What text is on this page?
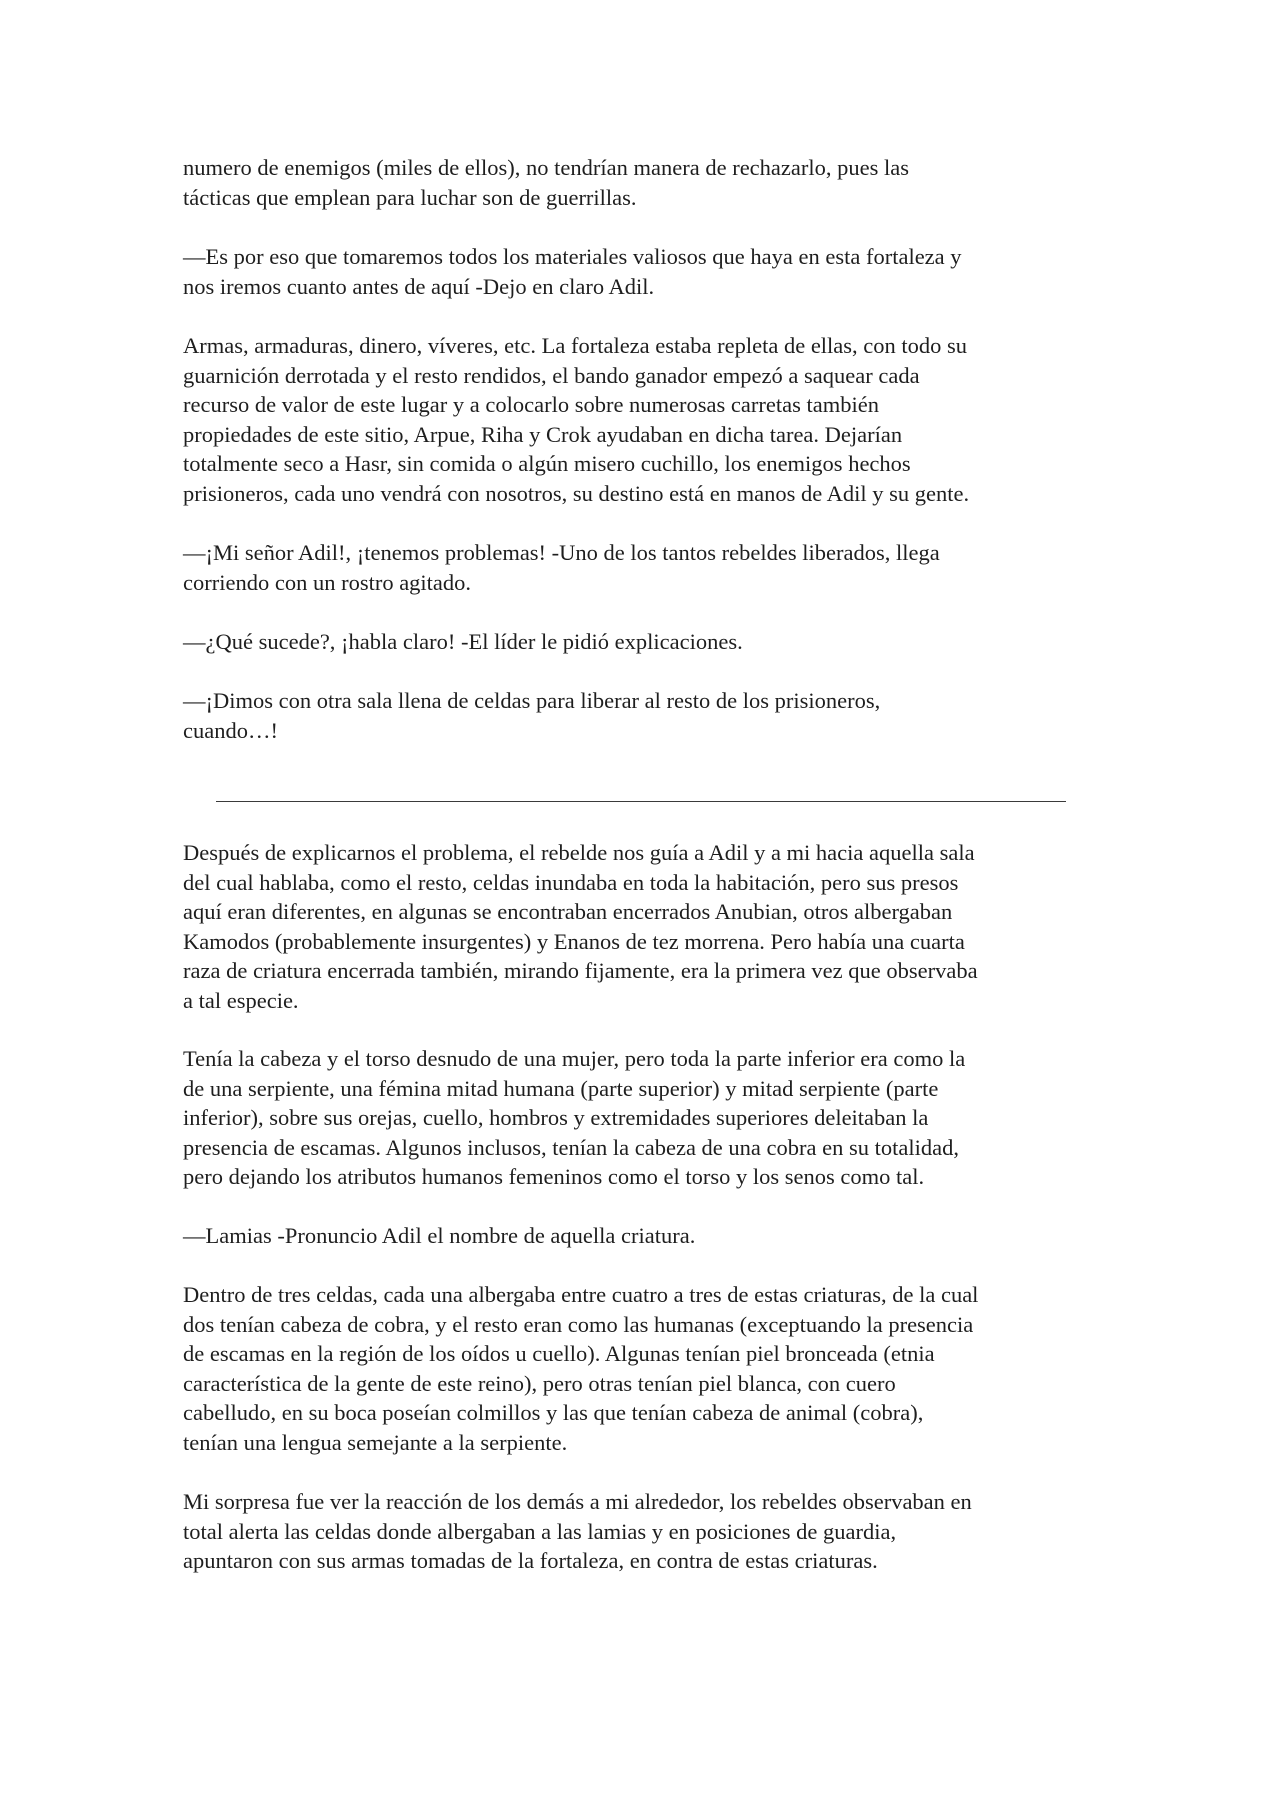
numero de enemigos (miles de ellos), no tendrían manera de rechazarlo, pues las
tácticas que emplean para luchar son de guerrillas.

—Es por eso que tomaremos todos los materiales valiosos que haya en esta fortaleza y
nos iremos cuanto antes de aquí -Dejo en claro Adil.

Armas, armaduras, dinero, víveres, etc. La fortaleza estaba repleta de ellas, con todo su
guarnición derrotada y el resto rendidos, el bando ganador empezó a saquear cada
recurso de valor de este lugar y a colocarlo sobre numerosas carretas también
propiedades de este sitio, Arpue, Riha y Crok ayudaban en dicha tarea. Dejarían
totalmente seco a Hasr, sin comida o algún misero cuchillo, los enemigos hechos
prisioneros, cada uno vendrá con nosotros, su destino está en manos de Adil y su gente.

—¡Mi señor Adil!, ¡tenemos problemas! -Uno de los tantos rebeldes liberados, llega
corriendo con un rostro agitado.

—¿Qué sucede?, ¡habla claro! -El líder le pidió explicaciones.

—¡Dimos con otra sala llena de celdas para liberar al resto de los prisioneros,
cuando…!

Después de explicarnos el problema, el rebelde nos guía a Adil y a mi hacia aquella sala
del cual hablaba, como el resto, celdas inundaba en toda la habitación, pero sus presos
aquí eran diferentes, en algunas se encontraban encerrados Anubian, otros albergaban
Kamodos (probablemente insurgentes) y Enanos de tez morrena. Pero había una cuarta
raza de criatura encerrada también, mirando fijamente, era la primera vez que observaba
a tal especie.

Tenía la cabeza y el torso desnudo de una mujer, pero toda la parte inferior era como la
de una serpiente, una fémina mitad humana (parte superior) y mitad serpiente (parte
inferior), sobre sus orejas, cuello, hombros y extremidades superiores deleitaban la
presencia de escamas. Algunos inclusos, tenían la cabeza de una cobra en su totalidad,
pero dejando los atributos humanos femeninos como el torso y los senos como tal.

—Lamias -Pronuncio Adil el nombre de aquella criatura.

Dentro de tres celdas, cada una albergaba entre cuatro a tres de estas criaturas, de la cual
dos tenían cabeza de cobra, y el resto eran como las humanas (exceptuando la presencia
de escamas en la región de los oídos u cuello). Algunas tenían piel bronceada (etnia
característica de la gente de este reino), pero otras tenían piel blanca, con cuero
cabelludo, en su boca poseían colmillos y las que tenían cabeza de animal (cobra),
tenían una lengua semejante a la serpiente.

Mi sorpresa fue ver la reacción de los demás a mi alrededor, los rebeldes observaban en
total alerta las celdas donde albergaban a las lamias y en posiciones de guardia,
apuntaron con sus armas tomadas de la fortaleza, en contra de estas criaturas.
